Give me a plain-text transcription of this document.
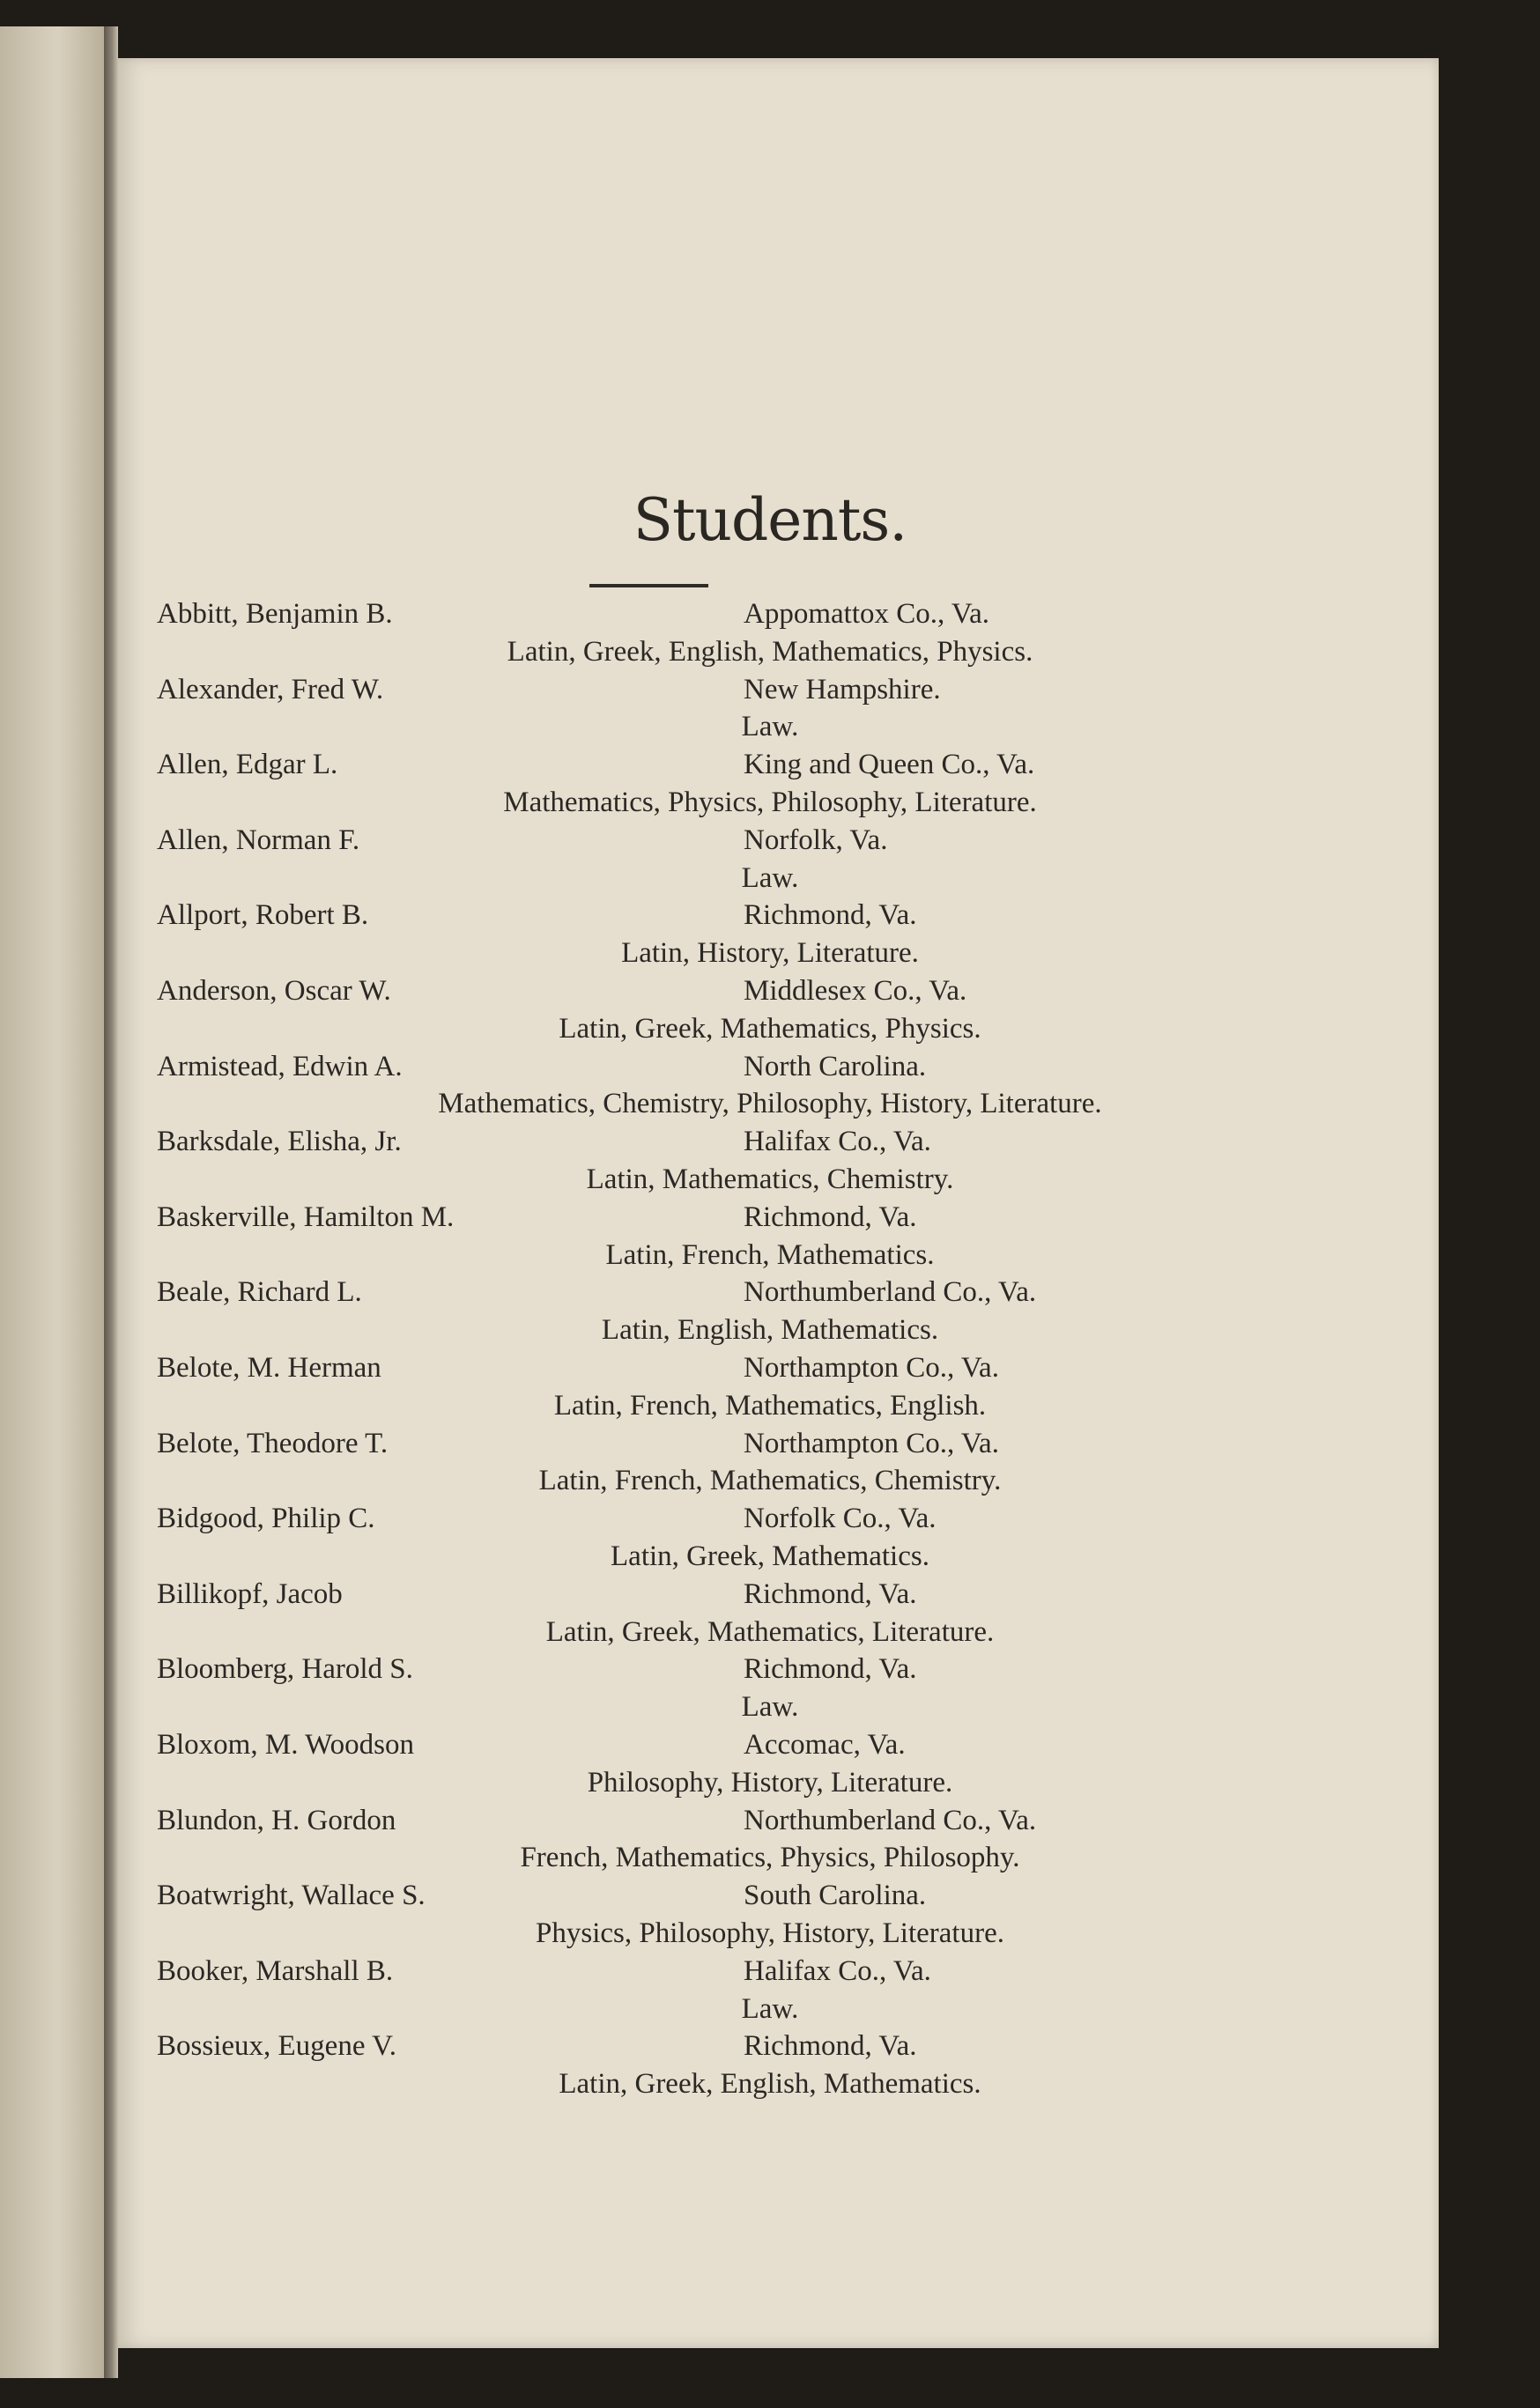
Students.
Abbitt, Benjamin B.	Appomattox Co., Va.
Latin, Greek, English, Mathematics, Physics.
Alexander, Fred W.	New Hampshire.
Law.
Allen, Edgar L.	King and Queen Co., Va.
Mathematics, Physics, Philosophy, Literature.
Allen, Norman F.	Norfolk, Va.
Law.
Allport, Robert B.	Richmond, Va.
Latin, History, Literature.
Anderson, Oscar W.	Middlesex Co., Va.
Latin, Greek, Mathematics, Physics.
Armistead, Edwin A.	North Carolina.
Mathematics, Chemistry, Philosophy, History, Literature.
Barksdale, Elisha, Jr.	Halifax Co., Va.
Latin, Mathematics, Chemistry.
Baskerville, Hamilton M.	Richmond, Va.
Latin, French, Mathematics.
Beale, Richard L.	Northumberland Co., Va.
Latin, English, Mathematics.
Belote, M. Herman	Northampton Co., Va.
Latin, French, Mathematics, English.
Belote, Theodore T.	Northampton Co., Va.
Latin, French, Mathematics, Chemistry.
Bidgood, Philip C.	Norfolk Co., Va.
Latin, Greek, Mathematics.
Billikopf, Jacob	Richmond, Va.
Latin, Greek, Mathematics, Literature.
Bloomberg, Harold S.	Richmond, Va.
Law.
Bloxom, M. Woodson	Accomac, Va.
Philosophy, History, Literature.
Blundon, H. Gordon	Northumberland Co., Va.
French, Mathematics, Physics, Philosophy.
Boatwright, Wallace S.	South Carolina.
Physics, Philosophy, History, Literature.
Booker, Marshall B.	Halifax Co., Va.
Law.
Bossieux, Eugene V.	Richmond, Va.
Latin, Greek, English, Mathematics.
